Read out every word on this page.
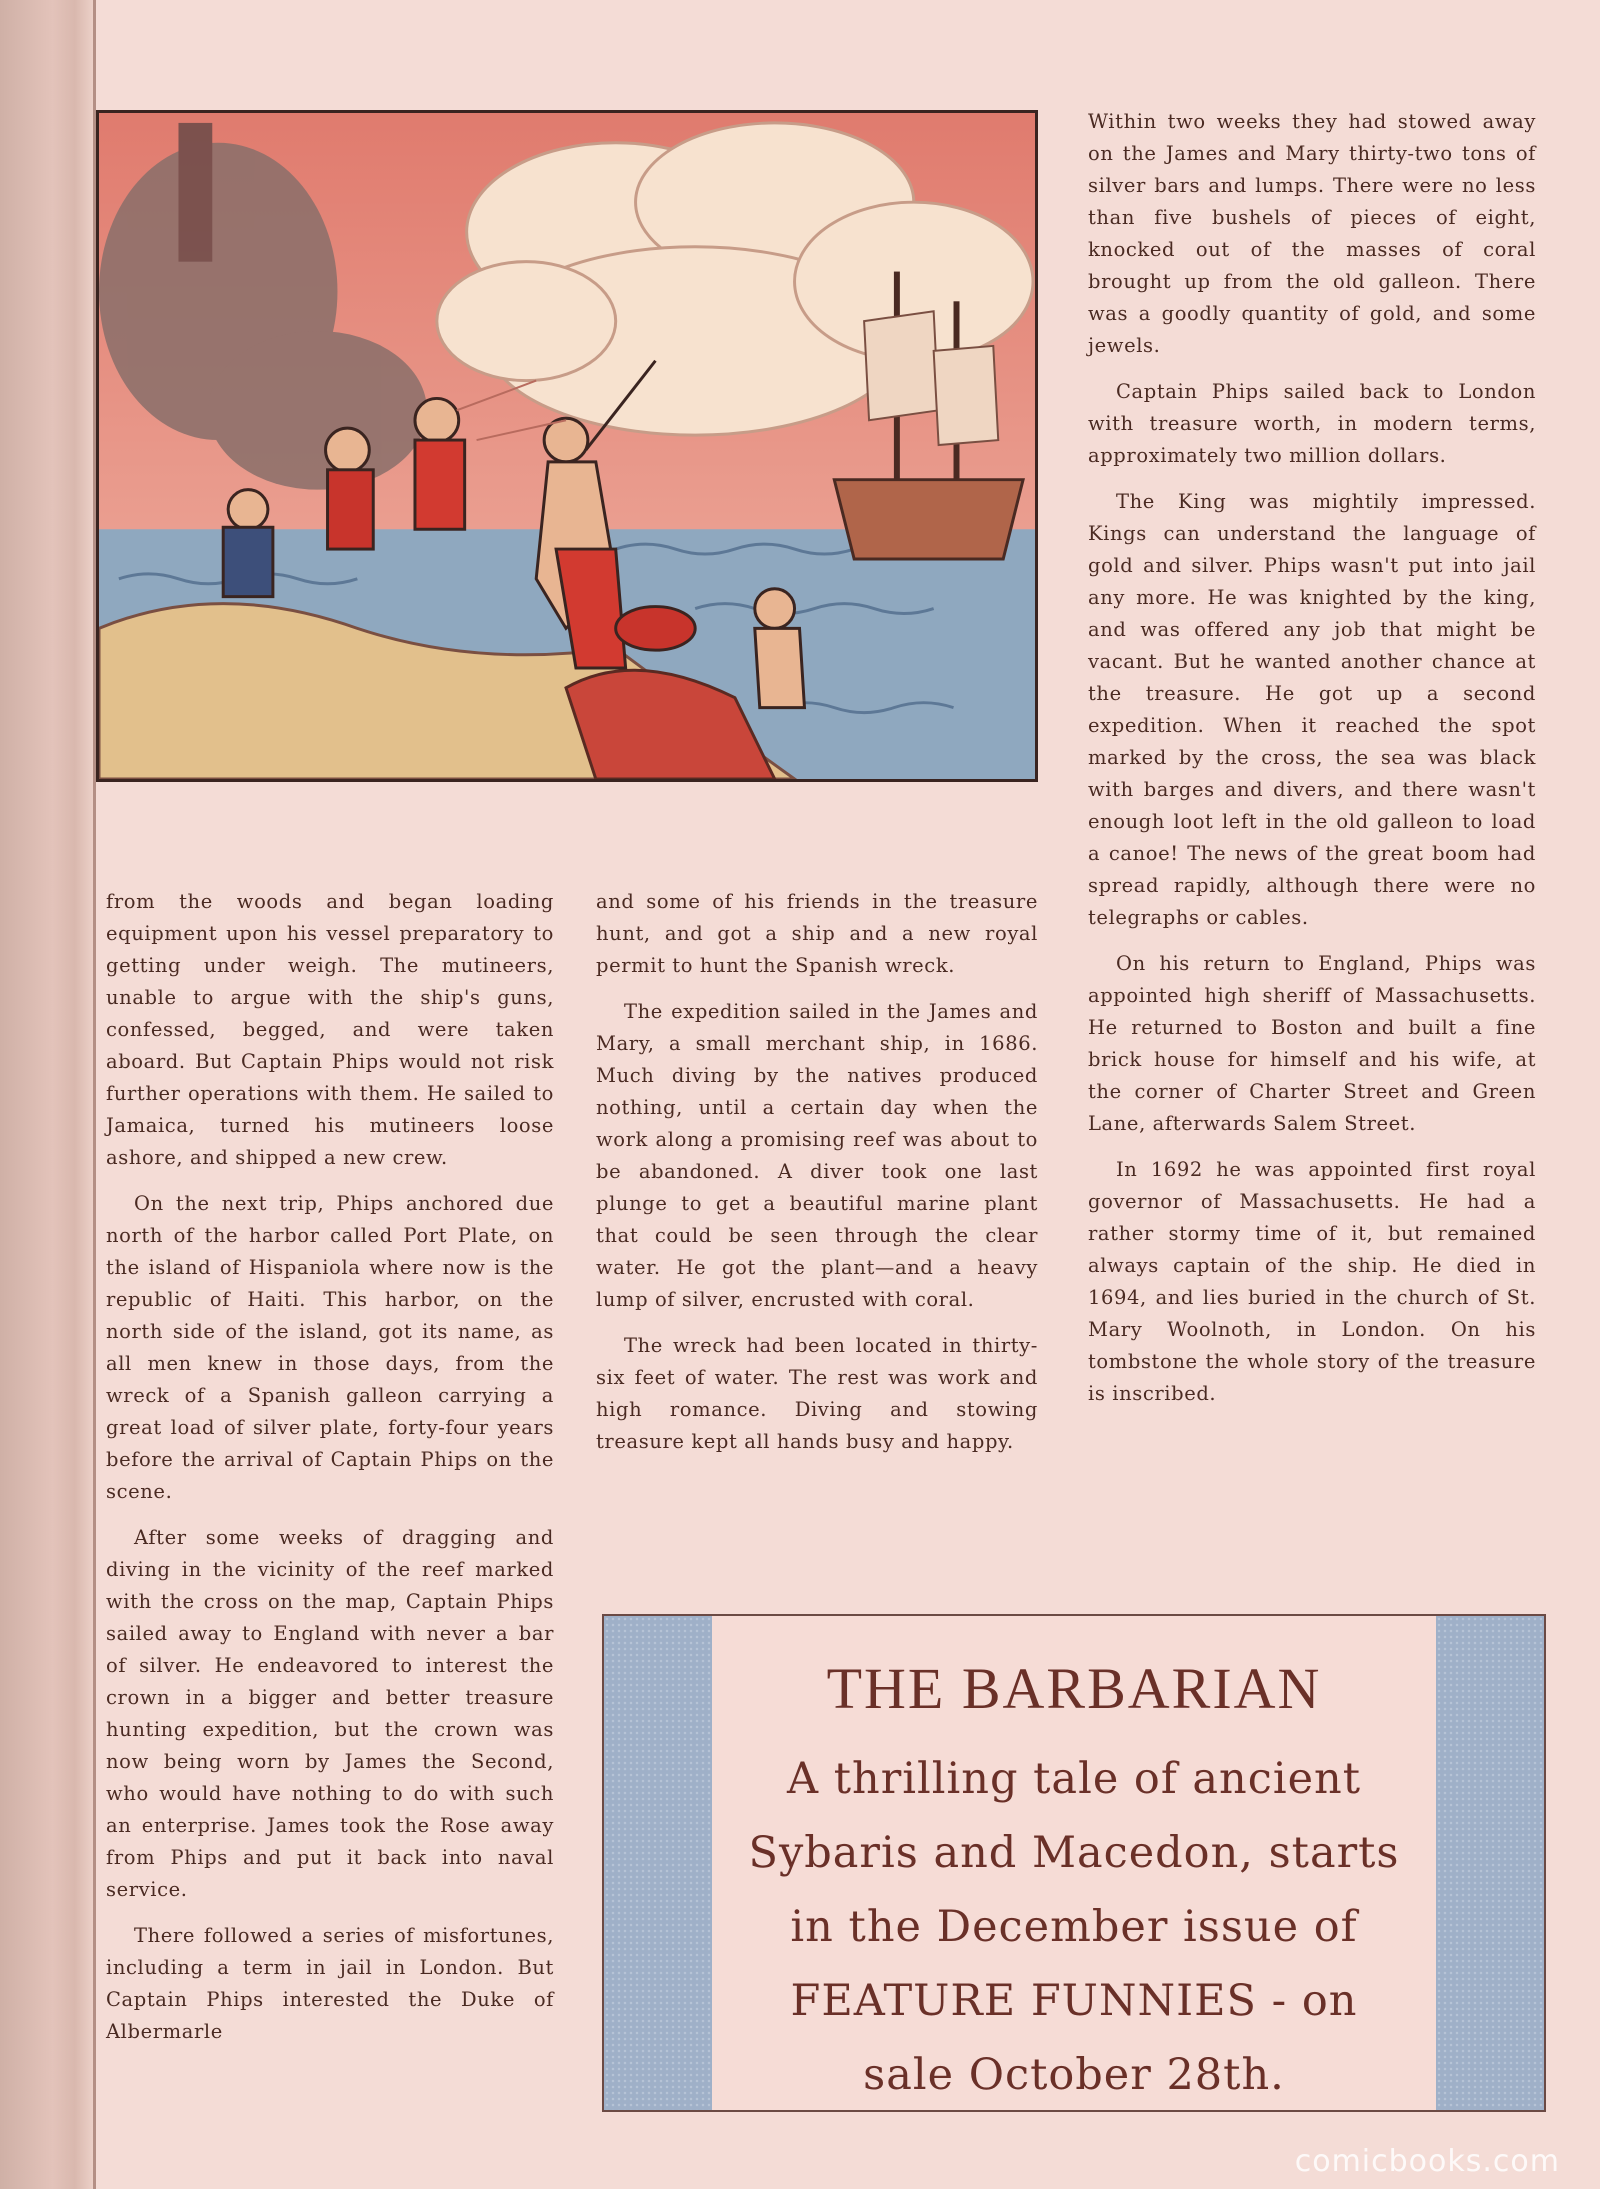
Within two weeks they had stowed away on the James and Mary thirty-two tons of silver bars and lumps. There were no less than five bushels of pieces of eight, knocked out of the masses of coral brought up from the old galleon. There was a goodly quantity of gold, and some jewels.

Captain Phips sailed back to London with treasure worth, in modern terms, approximately two million dollars.

The King was mightily impressed. Kings can understand the language of gold and silver. Phips wasn't put into jail any more. He was knighted by the king, and was offered any job that might be vacant. But he wanted another chance at the treasure. He got up a second expedition. When it reached the spot marked by the cross, the sea was black with barges and divers, and there wasn't enough loot left in the old galleon to load a canoe! The news of the great boom had spread rapidly, although there were no telegraphs or cables.

On his return to England, Phips was appointed high sheriff of Massachusetts. He returned to Boston and built a fine brick house for himself and his wife, at the corner of Charter Street and Green Lane, afterwards Salem Street.

In 1692 he was appointed first royal governor of Massachusetts. He had a rather stormy time of it, but remained always captain of the ship. He died in 1694, and lies buried in the church of St. Mary Woolnoth, in London. On his tombstone the whole story of the treasure is inscribed.

from the woods and began loading equipment upon his vessel preparatory to getting under weigh. The mutineers, unable to argue with the ship's guns, confessed, begged, and were taken aboard. But Captain Phips would not risk further operations with them. He sailed to Jamaica, turned his mutineers loose ashore, and shipped a new crew.

On the next trip, Phips anchored due north of the harbor called Port Plate, on the island of Hispaniola where now is the republic of Haiti. This harbor, on the north side of the island, got its name, as all men knew in those days, from the wreck of a Spanish galleon carrying a great load of silver plate, forty-four years before the arrival of Captain Phips on the scene.

After some weeks of dragging and diving in the vicinity of the reef marked with the cross on the map, Captain Phips sailed away to England with never a bar of silver. He endeavored to interest the crown in a bigger and better treasure hunting expedition, but the crown was now being worn by James the Second, who would have nothing to do with such an enterprise. James took the Rose away from Phips and put it back into naval service.

There followed a series of misfortunes, including a term in jail in London. But Captain Phips interested the Duke of Albermarle

and some of his friends in the treasure hunt, and got a ship and a new royal permit to hunt the Spanish wreck.

The expedition sailed in the James and Mary, a small merchant ship, in 1686. Much diving by the natives produced nothing, until a certain day when the work along a promising reef was about to be abandoned. A diver took one last plunge to get a beautiful marine plant that could be seen through the clear water. He got the plant—and a heavy lump of silver, encrusted with coral.

The wreck had been located in thirty-six feet of water. The rest was work and high romance. Diving and stowing treasure kept all hands busy and happy.

THE BARBARIAN
A thrilling tale of ancient
Sybaris and Macedon, starts
in the December issue of
FEATURE FUNNIES - on
sale October 28th.
comicbooks.com
